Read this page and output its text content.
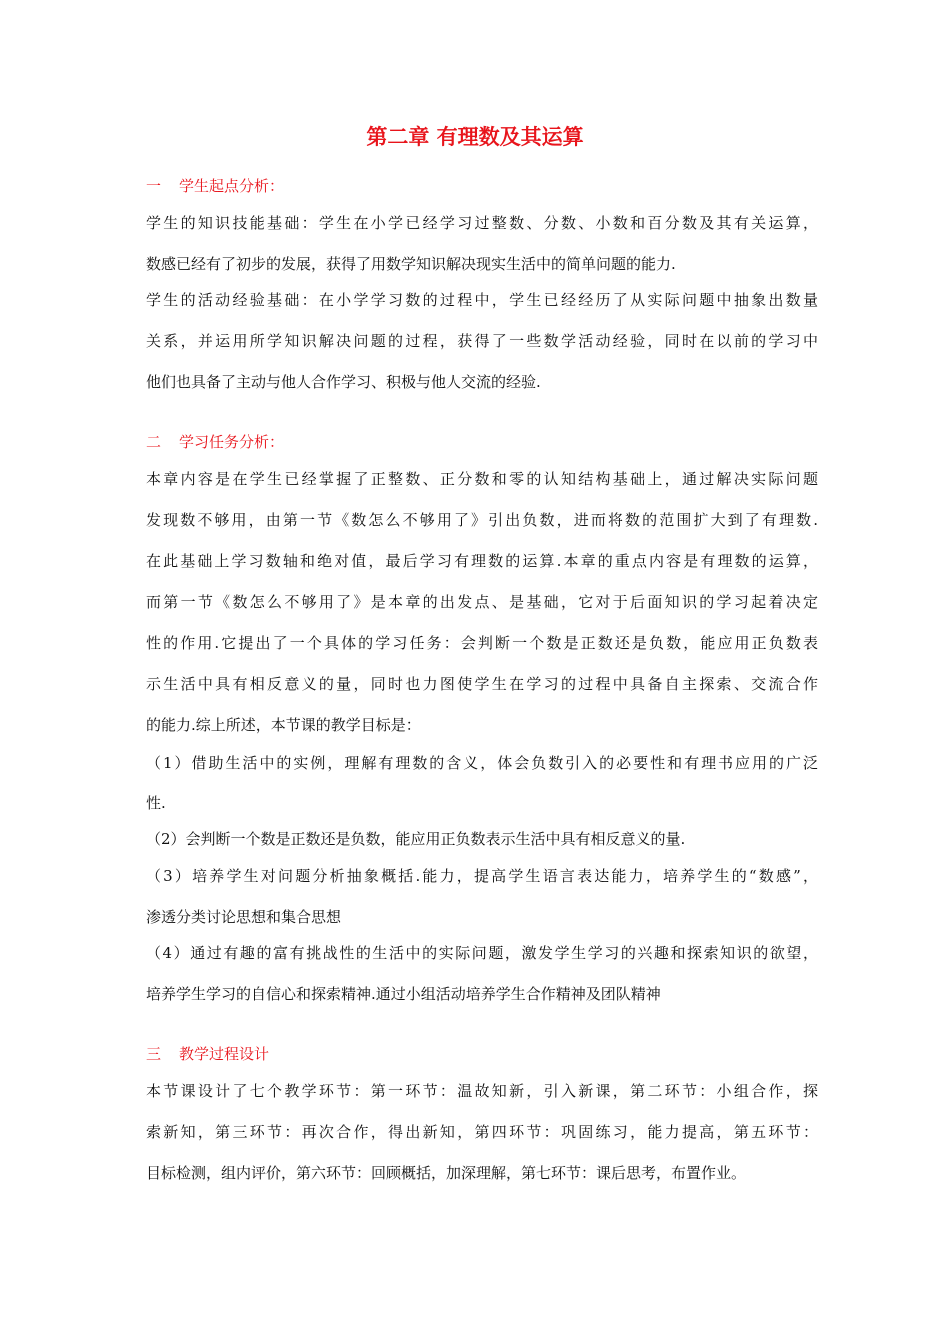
第二章 有理数及其运算
一 学生起点分析：
学生的知识技能基础：学生在小学已经学习过整数、分数、小数和百分数及其有关运算，
数感已经有了初步的发展，获得了用数学知识解决现实生活中的简单问题的能力.
学生的活动经验基础：在小学学习数的过程中，学生已经经历了从实际问题中抽象出数量
关系，并运用所学知识解决问题的过程，获得了一些数学活动经验，同时在以前的学习中
他们也具备了主动与他人合作学习、积极与他人交流的经验.
二 学习任务分析：
本章内容是在学生已经掌握了正整数、正分数和零的认知结构基础上，通过解决实际问题
发现数不够用，由第一节《数怎么不够用了》引出负数，进而将数的范围扩大到了有理数.
在此基础上学习数轴和绝对值，最后学习有理数的运算.本章的重点内容是有理数的运算，
而第一节《数怎么不够用了》是本章的出发点、是基础，它对于后面知识的学习起着决定
性的作用.它提出了一个具体的学习任务：会判断一个数是正数还是负数，能应用正负数表
示生活中具有相反意义的量，同时也力图使学生在学习的过程中具备自主探索、交流合作
的能力.综上所述，本节课的教学目标是：
（1）借助生活中的实例，理解有理数的含义，体会负数引入的必要性和有理书应用的广泛
性.
（2）会判断一个数是正数还是负数，能应用正负数表示生活中具有相反意义的量.
（3）培养学生对问题分析抽象概括.能力，提高学生语言表达能力，培养学生的“数感”，
渗透分类讨论思想和集合思想
（4）通过有趣的富有挑战性的生活中的实际问题，激发学生学习的兴趣和探索知识的欲望，
培养学生学习的自信心和探索精神.通过小组活动培养学生合作精神及团队精神
三 教学过程设计
本节课设计了七个教学环节：第一环节：温故知新，引入新课，第二环节：小组合作，探
索新知，第三环节：再次合作，得出新知，第四环节：巩固练习，能力提高，第五环节：
目标检测，组内评价，第六环节：回顾概括，加深理解，第七环节：课后思考，布置作业。
